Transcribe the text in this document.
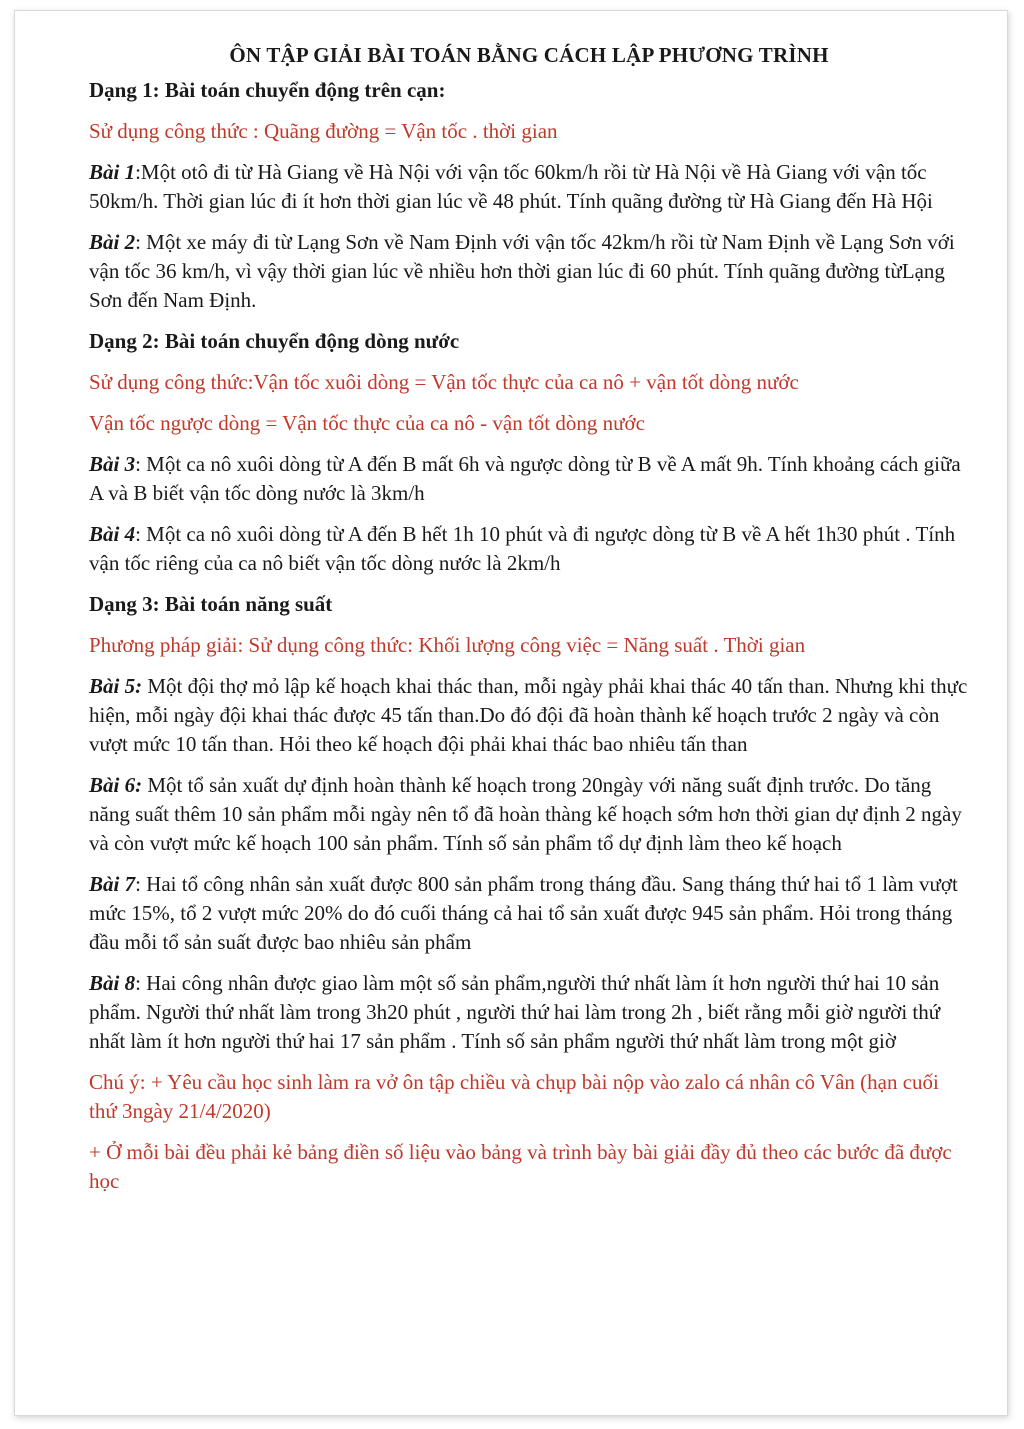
ÔN TẬP GIẢI BÀI TOÁN BẰNG CÁCH LẬP PHƯƠNG TRÌNH
Dạng 1: Bài toán chuyển động trên cạn:
Sử dụng công thức : Quãng đường = Vận tốc . thời gian
Bài 1:Một otô đi từ Hà Giang về Hà Nội với vận tốc 60km/h rồi từ Hà Nội về Hà Giang với vận tốc 50km/h. Thời gian lúc đi ít hơn thời gian lúc về 48 phút. Tính quãng đường từ Hà Giang đến Hà Hội
Bài 2: Một xe máy đi từ Lạng Sơn về Nam Định với vận tốc 42km/h rồi từ Nam Định về Lạng Sơn với vận tốc 36 km/h, vì vậy thời gian lúc về nhiều hơn thời gian lúc đi 60 phút. Tính quãng đường từLạng Sơn đến Nam Định.
Dạng 2: Bài toán chuyển động dòng nước
Sử dụng công thức:Vận tốc xuôi dòng = Vận tốc thực của ca nô + vận tốt dòng nước
Vận tốc ngược dòng = Vận tốc thực của ca nô - vận tốt dòng nước
Bài 3: Một ca nô xuôi dòng từ A đến B mất 6h và ngược dòng từ B về A mất 9h. Tính khoảng cách giữa A và B biết vận tốc dòng nước là 3km/h
Bài 4: Một ca nô xuôi dòng từ A đến B hết 1h 10 phút và đi ngược dòng từ B về A hết 1h30 phút . Tính vận tốc riêng của ca nô biết vận tốc dòng nước là 2km/h
Dạng 3: Bài toán năng suất
Phương pháp giải: Sử dụng công thức: Khối lượng công việc = Năng suất . Thời gian
Bài 5: Một đội thợ mỏ lập kế hoạch khai thác than, mỗi ngày phải khai thác 40 tấn than. Nhưng khi thực hiện, mỗi ngày đội khai thác được 45 tấn than.Do đó đội đã hoàn thành kế hoạch trước 2 ngày và còn vượt mức 10 tấn than. Hỏi theo kế hoạch đội phải khai thác bao nhiêu tấn than
Bài 6: Một tổ sản xuất dự định hoàn thành kế hoạch trong 20ngày với năng suất định trước. Do tăng năng suất thêm 10 sản phẩm mỗi ngày nên tổ đã hoàn thàng kế hoạch sớm hơn thời gian dự định 2 ngày và còn vượt mức kế hoạch 100 sản phẩm. Tính số sản phẩm tổ dự định làm theo kế hoạch
Bài 7: Hai tổ công nhân sản xuất được 800 sản phẩm trong tháng đầu. Sang tháng thứ hai tổ 1 làm vượt mức 15%, tổ 2 vượt mức 20% do đó cuối tháng cả hai tổ sản xuất được 945 sản phẩm. Hỏi trong tháng đầu mỗi tổ sản suất được bao nhiêu sản phẩm
Bài 8: Hai công nhân được giao làm một số sản phẩm,người thứ nhất làm ít hơn người thứ hai 10 sản phẩm. Người thứ nhất làm trong 3h20 phút , người thứ hai làm trong 2h , biết rằng mỗi giờ người thứ nhất làm ít hơn người thứ hai 17 sản phẩm . Tính số sản phẩm người thứ nhất làm trong một giờ
Chú ý: + Yêu cầu học sinh làm ra vở ôn tập chiều và chụp bài nộp vào zalo cá nhân cô Vân (hạn cuối thứ 3ngày 21/4/2020)
+ Ở mỗi bài đều phải kẻ bảng điền số liệu vào bảng và trình bày bài giải đầy đủ theo các bước đã được học
